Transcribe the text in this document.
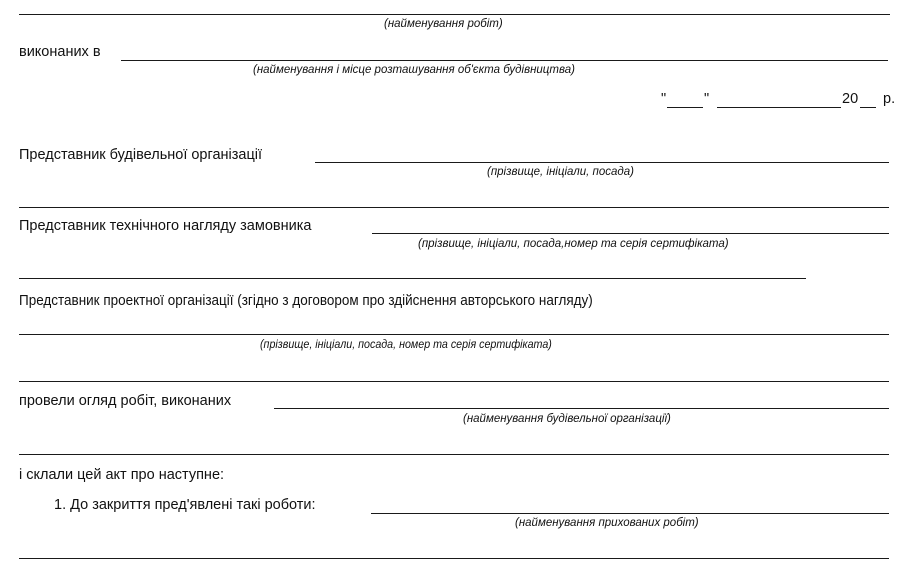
(найменування робіт)
виконаних в
(найменування і місце розташування об'єкта будівництва)
"	"	20 р.
Представник будівельної організації
(прізвище, ініціали, посада)
Представник технічного нагляду замовника
(прізвище, ініціали, посада,номер та серія сертифіката)
Представник проектної організації (згідно з договором про здійснення авторського нагляду)
(прізвище, ініціали, посада, номер та серія сертифіката)
провели огляд робіт, виконаних
(найменування будівельної організації)
і склали цей акт про наступне:
1. До закриття пред'явлені такі роботи:
(найменування прихованих робіт)
